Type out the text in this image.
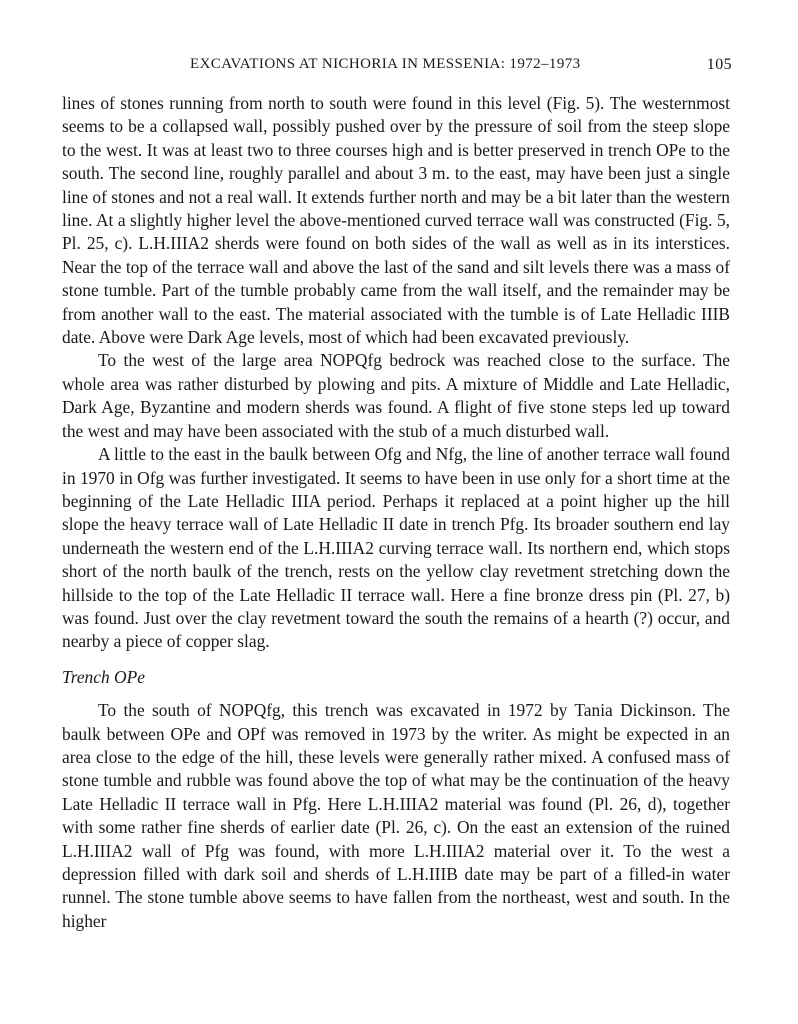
EXCAVATIONS AT NICHORIA IN MESSENIA: 1972–1973	105

lines of stones running from north to south were found in this level (Fig. 5). The westernmost seems to be a collapsed wall, possibly pushed over by the pressure of soil from the steep slope to the west. It was at least two to three courses high and is better preserved in trench OPe to the south. The second line, roughly parallel and about 3 m. to the east, may have been just a single line of stones and not a real wall. It extends further north and may be a bit later than the western line. At a slightly higher level the above-mentioned curved terrace wall was constructed (Fig. 5, Pl. 25, c). L.H.IIIA2 sherds were found on both sides of the wall as well as in its interstices. Near the top of the terrace wall and above the last of the sand and silt levels there was a mass of stone tumble. Part of the tumble probably came from the wall itself, and the remainder may be from another wall to the east. The material associated with the tumble is of Late Helladic IIIB date. Above were Dark Age levels, most of which had been excavated previously.

To the west of the large area NOPQfg bedrock was reached close to the surface. The whole area was rather disturbed by plowing and pits. A mixture of Middle and Late Helladic, Dark Age, Byzantine and modern sherds was found. A flight of five stone steps led up toward the west and may have been associated with the stub of a much disturbed wall.

A little to the east in the baulk between Ofg and Nfg, the line of another terrace wall found in 1970 in Ofg was further investigated. It seems to have been in use only for a short time at the beginning of the Late Helladic IIIA period. Perhaps it replaced at a point higher up the hill slope the heavy terrace wall of Late Helladic II date in trench Pfg. Its broader southern end lay underneath the western end of the L.H.IIIA2 curving terrace wall. Its northern end, which stops short of the north baulk of the trench, rests on the yellow clay revetment stretching down the hillside to the top of the Late Helladic II terrace wall. Here a fine bronze dress pin (Pl. 27, b) was found. Just over the clay revetment toward the south the remains of a hearth (?) occur, and nearby a piece of copper slag.

Trench OPe

To the south of NOPQfg, this trench was excavated in 1972 by Tania Dickinson. The baulk between OPe and OPf was removed in 1973 by the writer. As might be expected in an area close to the edge of the hill, these levels were generally rather mixed. A confused mass of stone tumble and rubble was found above the top of what may be the continuation of the heavy Late Helladic II terrace wall in Pfg. Here L.H.IIIA2 material was found (Pl. 26, d), together with some rather fine sherds of earlier date (Pl. 26, c). On the east an extension of the ruined L.H.IIIA2 wall of Pfg was found, with more L.H.IIIA2 material over it. To the west a depression filled with dark soil and sherds of L.H.IIIB date may be part of a filled-in water runnel. The stone tumble above seems to have fallen from the northeast, west and south. In the higher
